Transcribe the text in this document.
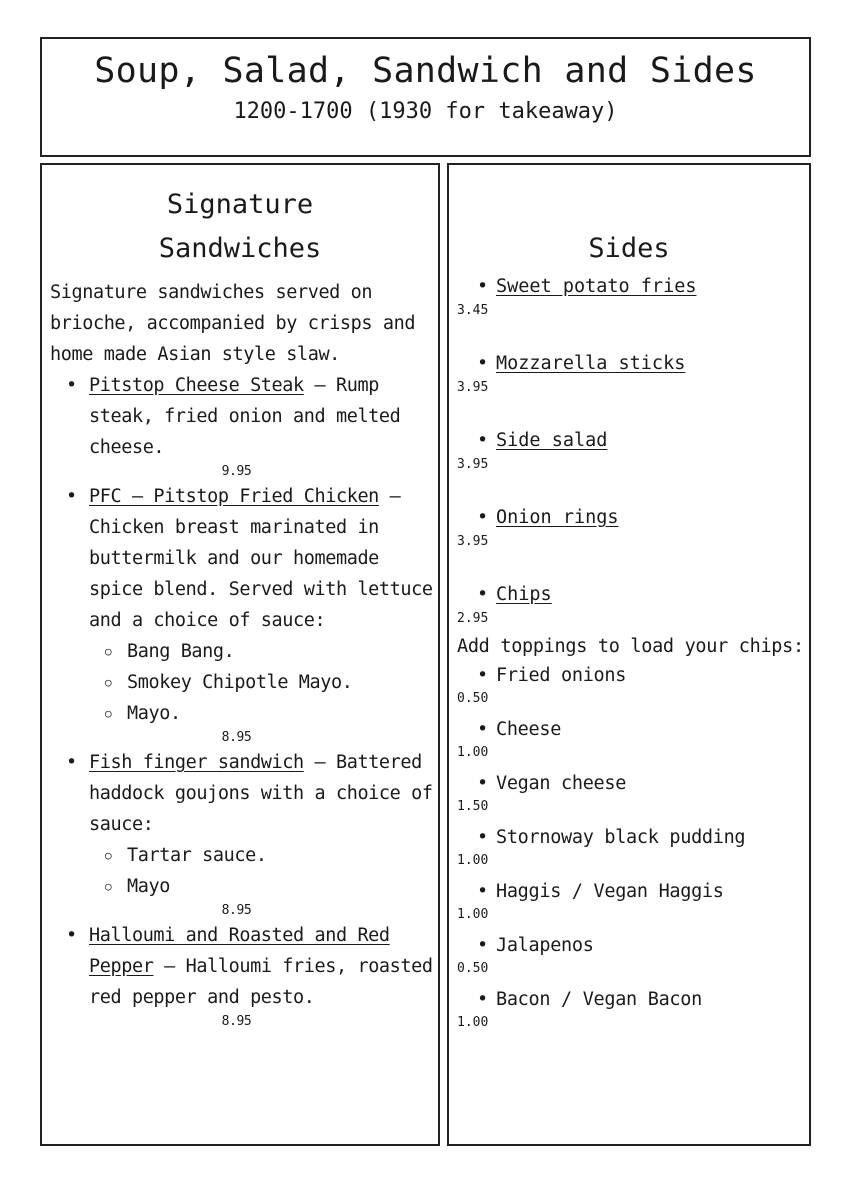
Soup, Salad, Sandwich and Sides
1200-1700 (1930 for takeaway)
Signature
Sandwiches
Signature sandwiches served on brioche, accompanied by crisps and home made Asian style slaw.
• Pitstop Cheese Steak – Rump steak, fried onion and melted cheese.
9.95
• PFC – Pitstop Fried Chicken – Chicken breast marinated in buttermilk and our homemade spice blend. Served with lettuce and a choice of sauce:
○ Bang Bang.
○ Smokey Chipotle Mayo.
○ Mayo.
8.95
• Fish finger sandwich – Battered haddock goujons with a choice of sauce:
○ Tartar sauce.
○ Mayo
8.95
• Halloumi and Roasted and Red Pepper – Halloumi fries, roasted red pepper and pesto.
8.95
Sides
• Sweet potato fries
3.45
• Mozzarella sticks
3.95
• Side salad
3.95
• Onion rings
3.95
• Chips
2.95
Add toppings to load your chips:
• Fried onions
0.50
• Cheese
1.00
• Vegan cheese
1.50
• Stornoway black pudding
1.00
• Haggis / Vegan Haggis
1.00
• Jalapenos
0.50
• Bacon / Vegan Bacon
1.00
